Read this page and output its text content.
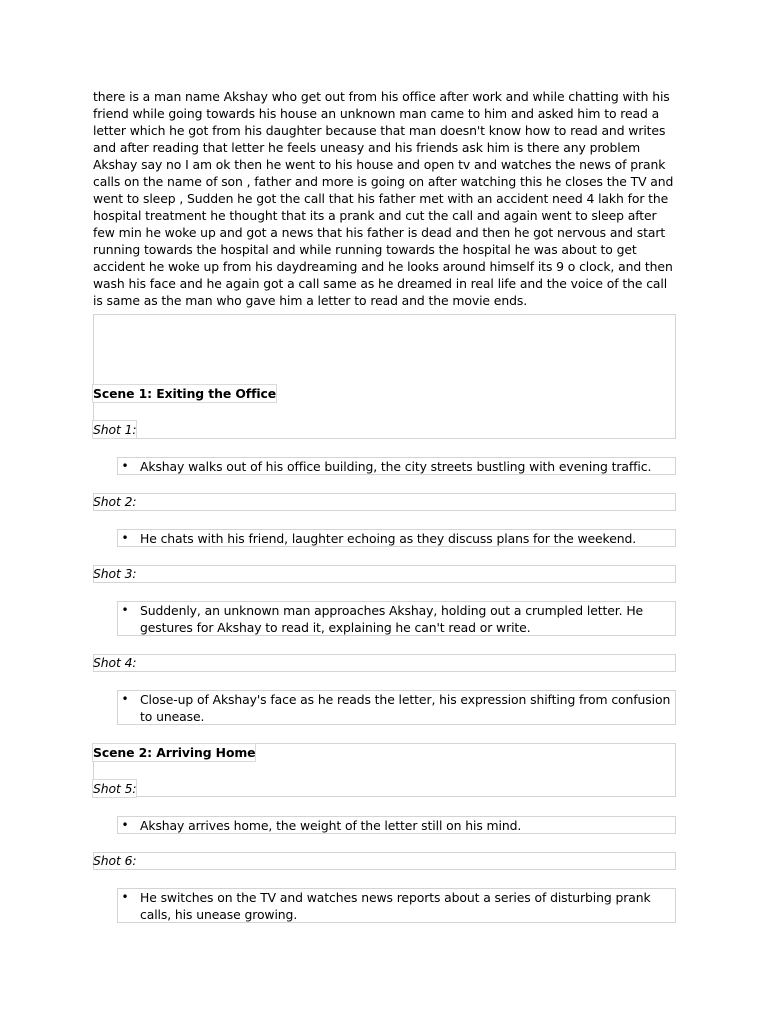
there is a man name Akshay who get out from his office after work and while chatting with his friend while going towards his house an unknown man came to him and asked him to read a letter which he got from his daughter because that man doesn't know how to read and writes and after reading that letter he feels uneasy and his friends ask him is there any problem Akshay say no I am ok then he went to his house and open tv and watches the news of prank calls on the name of son , father and more is going on after watching this he closes the TV and went to sleep , Sudden he got the call that his father met with an accident need 4 lakh for the hospital treatment he thought that its a prank and cut the call and again went to sleep after few min he woke up and got a news that his father is dead and then he got nervous and start running towards the hospital and while running towards the hospital he was about to get accident he woke up from his daydreaming and he looks around himself its 9 o clock, and then wash his face and he again got a call same as he dreamed in real life and the voice of the call is same as the man who gave him a letter to read and the movie ends.
Scene 1: Exiting the Office
Shot 1:
• Akshay walks out of his office building, the city streets bustling with evening traffic.
Shot 2:
• He chats with his friend, laughter echoing as they discuss plans for the weekend.
Shot 3:
• Suddenly, an unknown man approaches Akshay, holding out a crumpled letter. He gestures for Akshay to read it, explaining he can't read or write.
Shot 4:
• Close-up of Akshay's face as he reads the letter, his expression shifting from confusion to unease.
Scene 2: Arriving Home
Shot 5:
• Akshay arrives home, the weight of the letter still on his mind.
Shot 6:
• He switches on the TV and watches news reports about a series of disturbing prank calls, his unease growing.
